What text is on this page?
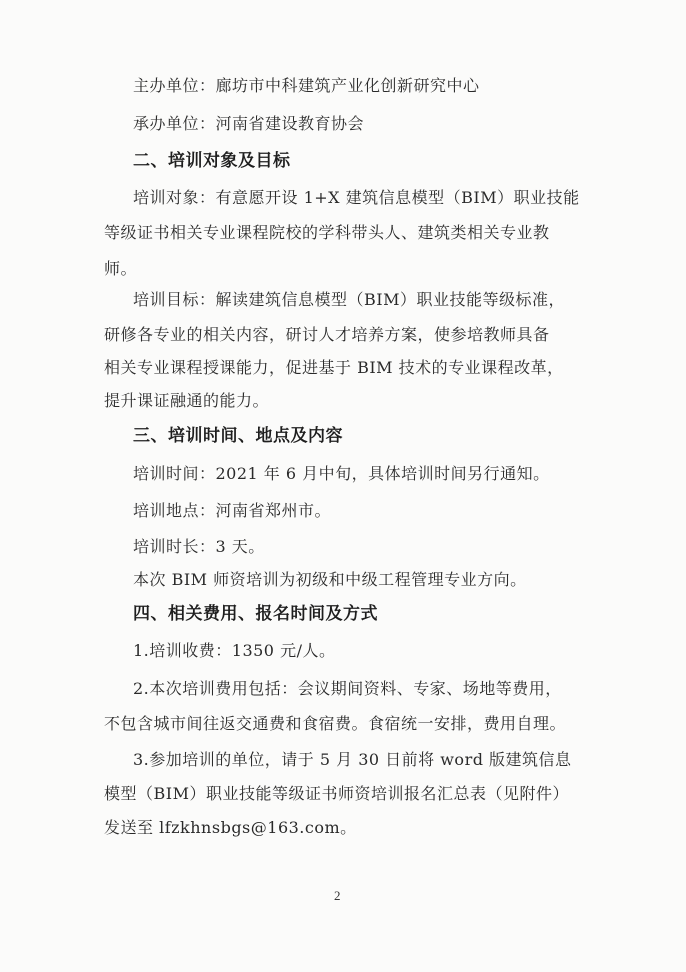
主办单位：廊坊市中科建筑产业化创新研究中心
承办单位：河南省建设教育协会
二、培训对象及目标
培训对象：有意愿开设 1+X 建筑信息模型（BIM）职业技能
等级证书相关专业课程院校的学科带头人、建筑类相关专业教
师。
培训目标：解读建筑信息模型（BIM）职业技能等级标准，
研修各专业的相关内容，研讨人才培养方案，使参培教师具备
相关专业课程授课能力，促进基于 BIM 技术的专业课程改革，
提升课证融通的能力。
三、培训时间、地点及内容
培训时间：2021 年 6 月中旬，具体培训时间另行通知。
培训地点：河南省郑州市。
培训时长：3 天。
本次 BIM 师资培训为初级和中级工程管理专业方向。
四、相关费用、报名时间及方式
1.培训收费：1350 元/人。
2.本次培训费用包括：会议期间资料、专家、场地等费用，
不包含城市间往返交通费和食宿费。食宿统一安排，费用自理。
3.参加培训的单位，请于 5 月 30 日前将 word 版建筑信息
模型（BIM）职业技能等级证书师资培训报名汇总表（见附件）
发送至 lfzkhnsbgs@163.com。
2
